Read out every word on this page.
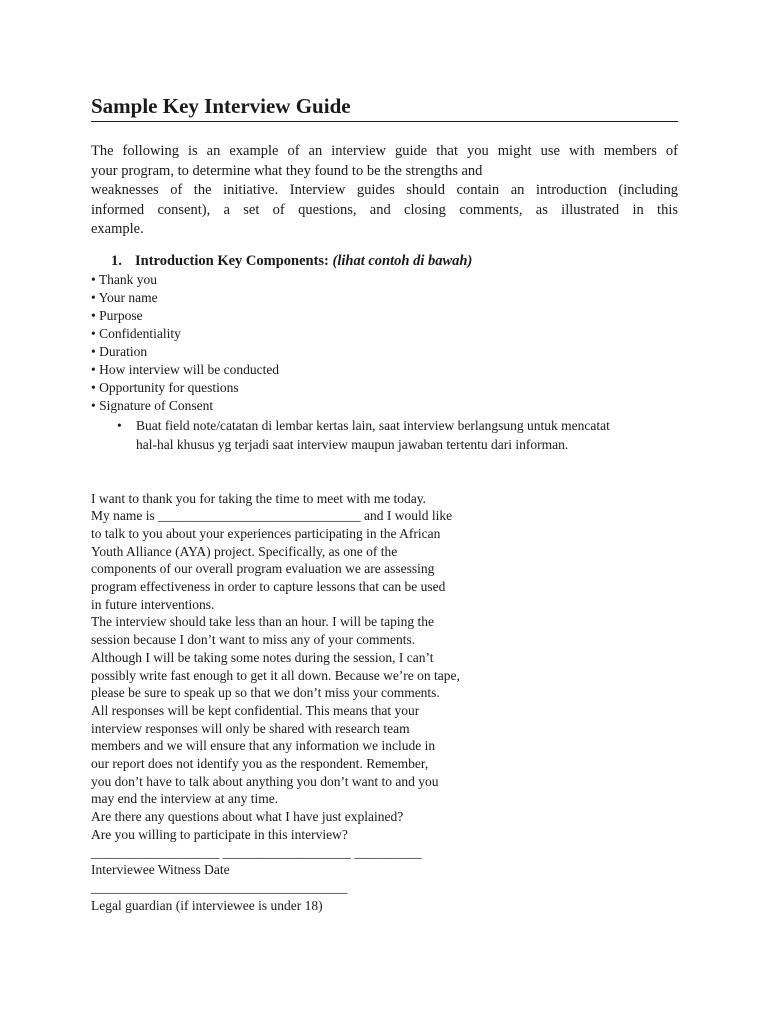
Sample Key Interview Guide
The following is an example of an interview guide that you might use with members of
your program, to determine what they found to be the strengths and
weaknesses of the initiative. Interview guides should contain an introduction (including
informed consent), a set of questions, and closing comments, as illustrated in this
example.
1. Introduction Key Components: (lihat contoh di bawah)
• Thank you
• Your name
• Purpose
• Confidentiality
• Duration
• How interview will be conducted
• Opportunity for questions
• Signature of Consent
• Buat field note/catatan di lembar kertas lain, saat interview berlangsung untuk mencatat
hal-hal khusus yg terjadi saat interview maupun jawaban tertentu dari informan.
I want to thank you for taking the time to meet with me today.
My name is ______________________________ and I would like
to talk to you about your experiences participating in the African
Youth Alliance (AYA) project. Specifically, as one of the
components of our overall program evaluation we are assessing
program effectiveness in order to capture lessons that can be used
in future interventions.
The interview should take less than an hour. I will be taping the
session because I don’t want to miss any of your comments.
Although I will be taking some notes during the session, I can’t
possibly write fast enough to get it all down. Because we’re on tape,
please be sure to speak up so that we don’t miss your comments.
All responses will be kept confidential. This means that your
interview responses will only be shared with research team
members and we will ensure that any information we include in
our report does not identify you as the respondent. Remember,
you don’t have to talk about anything you don’t want to and you
may end the interview at any time.
Are there any questions about what I have just explained?
Are you willing to participate in this interview?
___________________ ___________________ __________
Interviewee Witness Date
______________________________________
Legal guardian (if interviewee is under 18)
